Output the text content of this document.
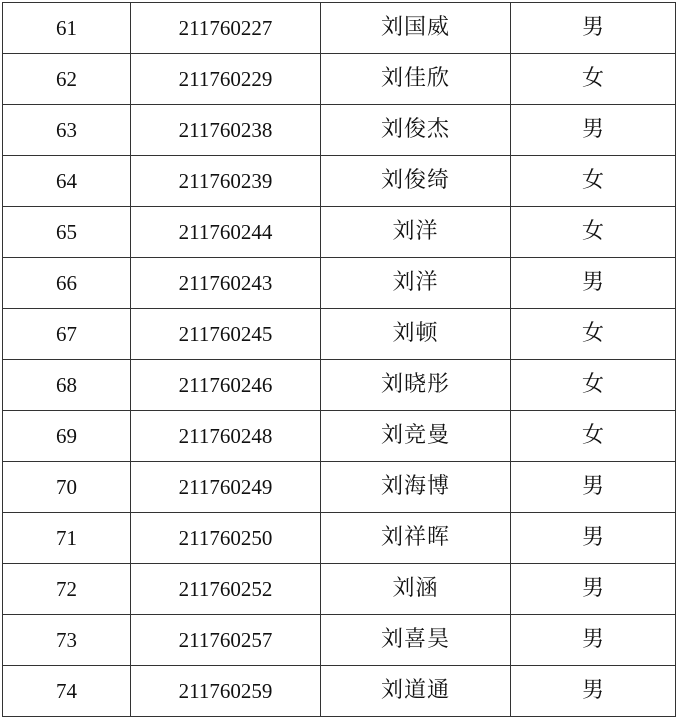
61	211760227	刘国威	男
62	211760229	刘佳欣	女
63	211760238	刘俊杰	男
64	211760239	刘俊绮	女
65	211760244	刘洋	女
66	211760243	刘洋	男
67	211760245	刘顿	女
68	211760246	刘晓彤	女
69	211760248	刘竞曼	女
70	211760249	刘海博	男
71	211760250	刘祥晖	男
72	211760252	刘涵	男
73	211760257	刘喜昊	男
74	211760259	刘道通	男
